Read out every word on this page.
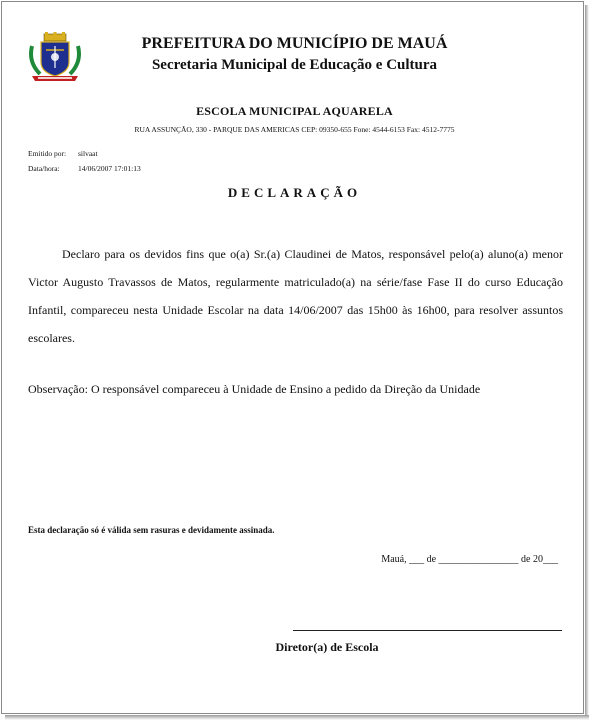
PREFEITURA DO MUNICÍPIO DE MAUÁ
Secretaria Municipal de Educação e Cultura
ESCOLA MUNICIPAL AQUARELA
RUA ASSUNÇÃO, 330 - PARQUE DAS AMERICAS CEP: 09350-655 Fone: 4544-6153 Fax: 4512-7775
Emitido por: silvaat
Data/hora: 14/06/2007 17:01:13
DECLARAÇÃO

Declaro para os devidos fins que o(a) Sr.(a) Claudinei de Matos, responsável pelo(a) aluno(a) menor Victor Augusto Travassos de Matos, regularmente matriculado(a) na série/fase Fase II do curso Educação Infantil, compareceu nesta Unidade Escolar na data 14/06/2007 das 15h00 às 16h00, para resolver assuntos escolares.

Observação: O responsável compareceu à Unidade de Ensino a pedido da Direção da Unidade
Esta declaração só é válida sem rasuras e devidamente assinada.
Mauá, ___ de ________________ de 20___
Diretor(a) de Escola
